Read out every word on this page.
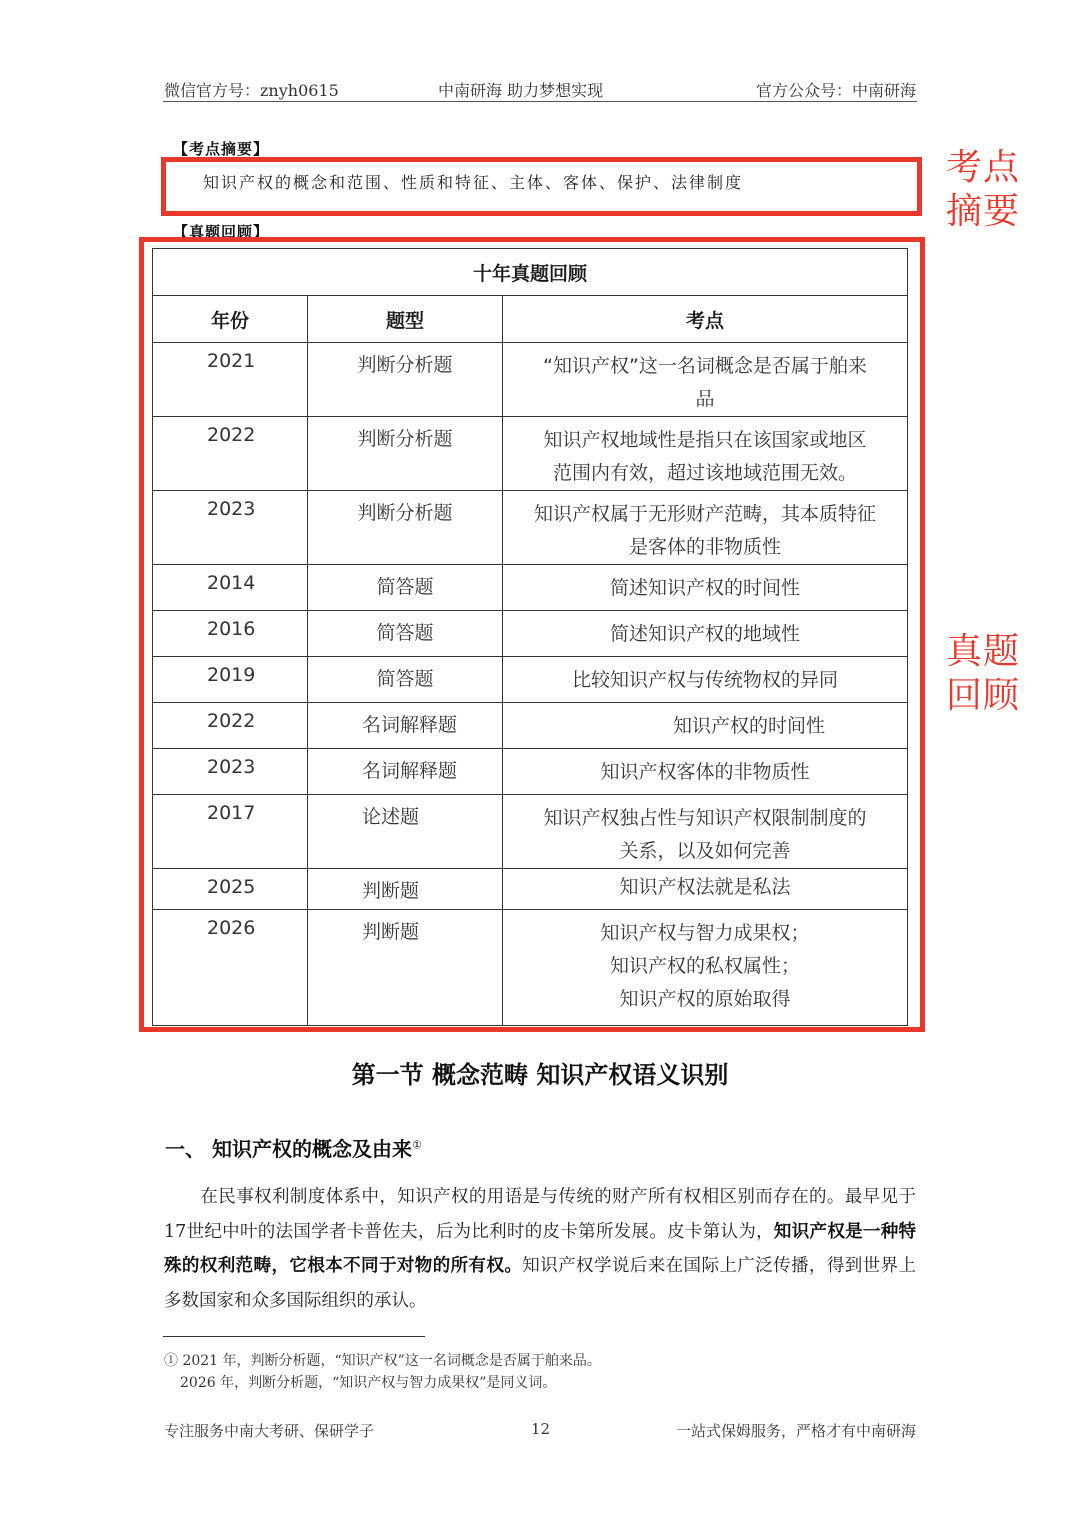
微信官方号：znyh0615	中南研海 助力梦想实现	官方公众号：中南研海
【考点摘要】
知识产权的概念和范围、性质和特征、主体、客体、保护、法律制度	考点
摘要
【真题回顾】
真题
回顾
十年真题回顾		
年份	题型	考点
2021	判断分析题	“知识产权”这一名词概念是否属于舶来
品

2022	判断分析题	知识产权地域性是指只在该国家或地区
范围内有效，超过该地域范围无效。

2023	判断分析题	知识产权属于无形财产范畴，其本质特征
是客体的非物质性

2014	简答题	简述知识产权的时间性

2016	简答题	简述知识产权的地域性

2019	简答题	比较知识产权与传统物权的异同

2022	名词解释题	知识产权的时间性

2023	名词解释题	知识产权客体的非物质性

2017	论述题	知识产权独占性与知识产权限制制度的
关系，以及如何完善

2025	判断题	知识产权法就是私法

2026	判断题	知识产权与智力成果权；
知识产权的私权属性；
知识产权的原始取得
第一节 概念范畴 知识产权语义识别
一、 知识产权的概念及由来①
在民事权利制度体系中，知识产权的用语是与传统的财产所有权相区别而存在的。最早见于17世纪中叶的法国学者卡普佐夫，后为比利时的皮卡第所发展。皮卡第认为，知识产权是一种特殊的权利范畴，它根本不同于对物的所有权。知识产权学说后来在国际上广泛传播，得到世界上多数国家和众多国际组织的承认。
① 2021 年，判断分析题，“知识产权”这一名词概念是否属于舶来品。
2026 年，判断分析题，“知识产权与智力成果权”是同义词。
专注服务中南大考研、保研学子	12	一站式保姆服务，严格才有中南研海
